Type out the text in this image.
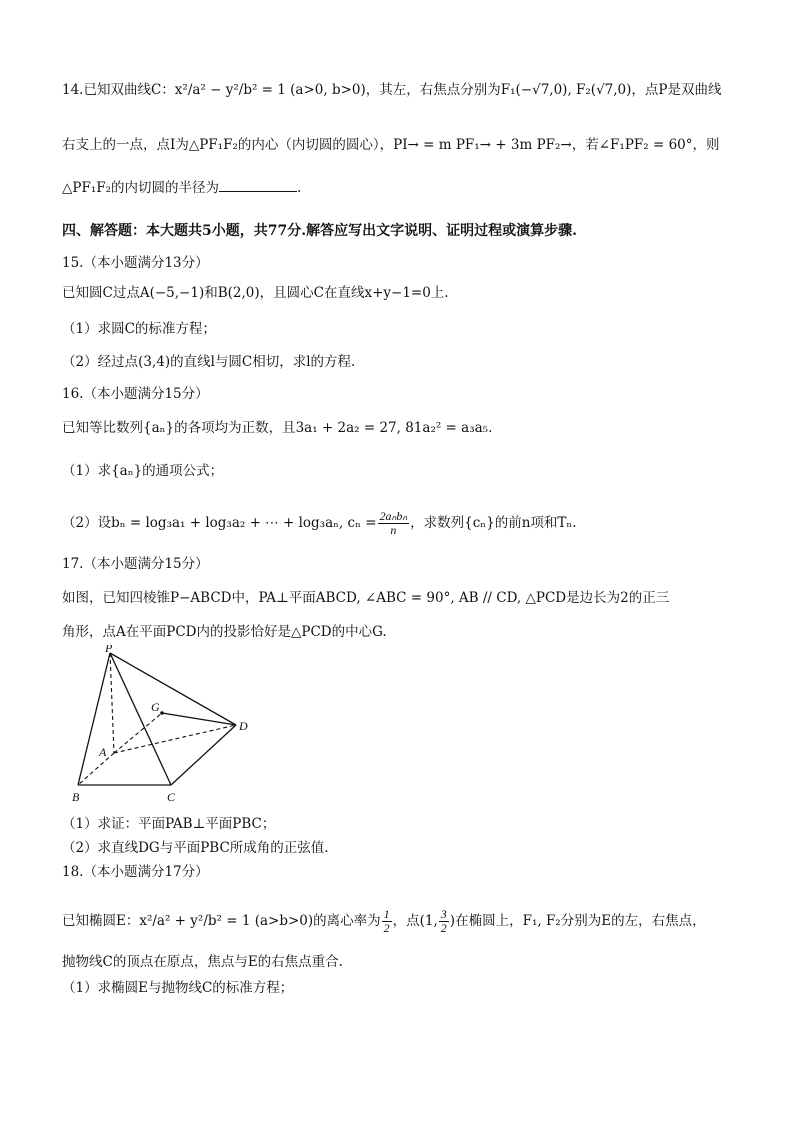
14.已知双曲线C：x²/a² − y²/b² = 1 (a>0, b>0)，其左，右焦点分别为F₁(−√7,0), F₂(√7,0)，点P是双曲线
右支上的一点，点I为△PF₁F₂的内心（内切圆的圆心），PI→ = m PF₁→ + 3m PF₂→，若∠F₁PF₂ = 60°，则
△PF₁F₂的内切圆的半径为	.
四、解答题：本大题共5小题，共77分.解答应写出文字说明、证明过程或演算步骤.
15.（本小题满分13分）
已知圆C过点A(−5,−1)和B(2,0)，且圆心C在直线x+y−1=0上.
（1）求圆C的标准方程；
（2）经过点(3,4)的直线l与圆C相切，求l的方程.
16.（本小题满分15分）
已知等比数列{aₙ}的各项均为正数，且3a₁ + 2a₂ = 27, 81a₂² = a₃a₅.
（1）求{aₙ}的通项公式；
（2）设bₙ = log₃a₁ + log₃a₂ + ⋯ + log₃aₙ, $c_n = \frac{\text{2aₙbₙ}}{n}$ ，求数列{cₙ}的前n项和Tₙ.
17.（本小题满分15分）
如图，已知四棱锥P−ABCD中，PA⊥平面ABCD, ∠ABC = 90°, AB // CD, △PCD是边长为2的正三
角形，点A在平面PCD内的投影恰好是△PCD的中心G.
P
G
D
A
B	C
（1）求证：平面PAB⊥平面PBC；
（2）求直线DG与平面PBC所成角的正弦值.
18.（本小题满分17分）
已知椭圆E：x²/a² + y²/b² = 1 (a>b>0)的离心率为 $\frac{1}{2}$ ，点(1, $\frac{3}{2}$ )在椭圆上，F₁, F₂分别为E的左，右焦点，
抛物线C的顶点在原点，焦点与E的右焦点重合.
（1）求椭圆E与抛物线C的标准方程；
